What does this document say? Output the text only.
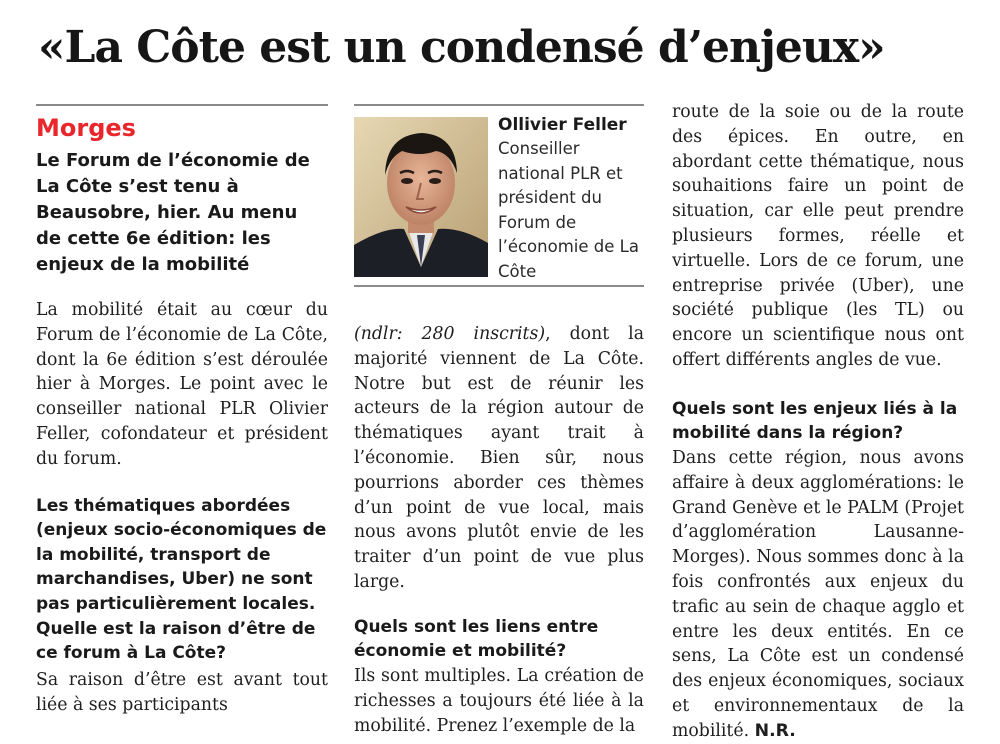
«La Côte est un condensé d’enjeux»

Morges

Le Forum de l’économie de La Côte s’est tenu à Beausobre, hier. Au menu de cette 6e édition: les enjeux de la mobilité

La mobilité était au cœur du Forum de l’économie de La Côte, dont la 6e édition s’est déroulée hier à Morges. Le point avec le conseiller national PLR Olivier Feller, cofondateur et président du forum.

Les thématiques abordées (enjeux socio-économiques de la mobilité, transport de marchandises, Uber) ne sont pas particulièrement locales. Quelle est la raison d’être de ce forum à La Côte?

Sa raison d’être est avant tout liée à ses participants

Ollivier Feller

Conseiller national PLR et président du Forum de l’économie de La Côte

(ndlr: 280 inscrits), dont la majorité viennent de La Côte. Notre but est de réunir les acteurs de la région autour de thématiques ayant trait à l’économie. Bien sûr, nous pourrions aborder ces thèmes d’un point de vue local, mais nous avons plutôt envie de les traiter d’un point de vue plus large.

Quels sont les liens entre économie et mobilité?

Ils sont multiples. La création de richesses a toujours été liée à la mobilité. Prenez l’exemple de la

route de la soie ou de la route des épices. En outre, en abordant cette thématique, nous souhaitions faire un point de situation, car elle peut prendre plusieurs formes, réelle et virtuelle. Lors de ce forum, une entreprise privée (Uber), une société publique (les TL) ou encore un scientifique nous ont offert différents angles de vue.

Quels sont les enjeux liés à la mobilité dans la région?

Dans cette région, nous avons affaire à deux agglomérations: le Grand Genève et le PALM (Projet d’agglomération Lausanne-Morges). Nous sommes donc à la fois confrontés aux enjeux du trafic au sein de chaque agglo et entre les deux entités. En ce sens, La Côte est un condensé des enjeux économiques, sociaux et environnementaux de la mobilité. N.R.
